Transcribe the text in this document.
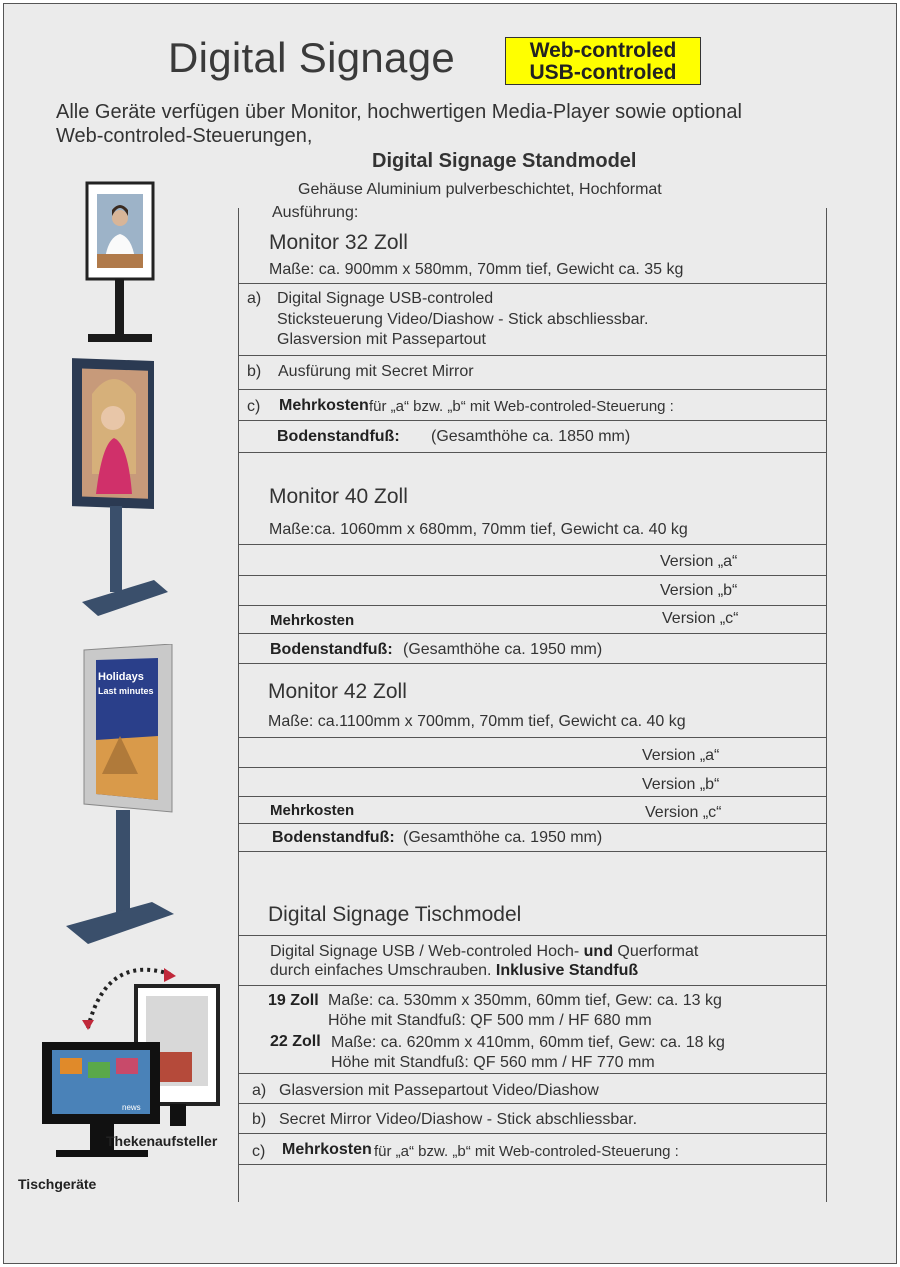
Digital Signage	Web-controled
USB-controled
Alle Geräte verfügen über Monitor, hochwertigen Media-Player sowie optional
Web-controled-Steuerungen,
Digital Signage Standmodel
Gehäuse Aluminium pulverbeschichtet, Hochformat
Ausführung:
Monitor 32 Zoll
Maße: ca. 900mm x 580mm, 70mm tief, Gewicht ca. 35 kg
a) Digital Signage USB-controled
Sticksteuerung Video/Diashow - Stick abschliessbar.
Glasversion mit Passepartout
b) Ausfürung mit Secret Mirror
c) Mehrkosten für „a“ bzw. „b“ mit Web-controled-Steuerung :
Bodenstandfuß: (Gesamthöhe ca. 1850 mm)
Monitor 40 Zoll
Maße:ca. 1060mm x 680mm, 70mm tief, Gewicht ca. 40 kg
Version „a“
Version „b“
Mehrkosten	Version „c“
Bodenstandfuß: (Gesamthöhe ca. 1950 mm)
Monitor 42 Zoll
Maße: ca.1100mm x 700mm, 70mm tief, Gewicht ca. 40 kg
Version „a“
Version „b“
Mehrkosten	Version „c“
Bodenstandfuß: (Gesamthöhe ca. 1950 mm)
Digital Signage Tischmodel
Digital Signage USB / Web-controled Hoch- und Querformat
durch einfaches Umschrauben. Inklusive Standfuß
19 Zoll Maße: ca. 530mm x 350mm, 60mm tief, Gew: ca. 13 kg
Höhe mit Standfuß: QF 500 mm / HF 680 mm
22 Zoll Maße: ca. 620mm x 410mm, 60mm tief, Gew: ca. 18 kg
Höhe mit Standfuß: QF 560 mm / HF 770 mm
a) Glasversion mit Passepartout Video/Diashow
b) Secret Mirror Video/Diashow - Stick abschliessbar.
c) Mehrkosten für „a“ bzw. „b“ mit Web-controled-Steuerung :
Holidays
Last minutes
news
Thekenaufsteller
Tischgeräte
